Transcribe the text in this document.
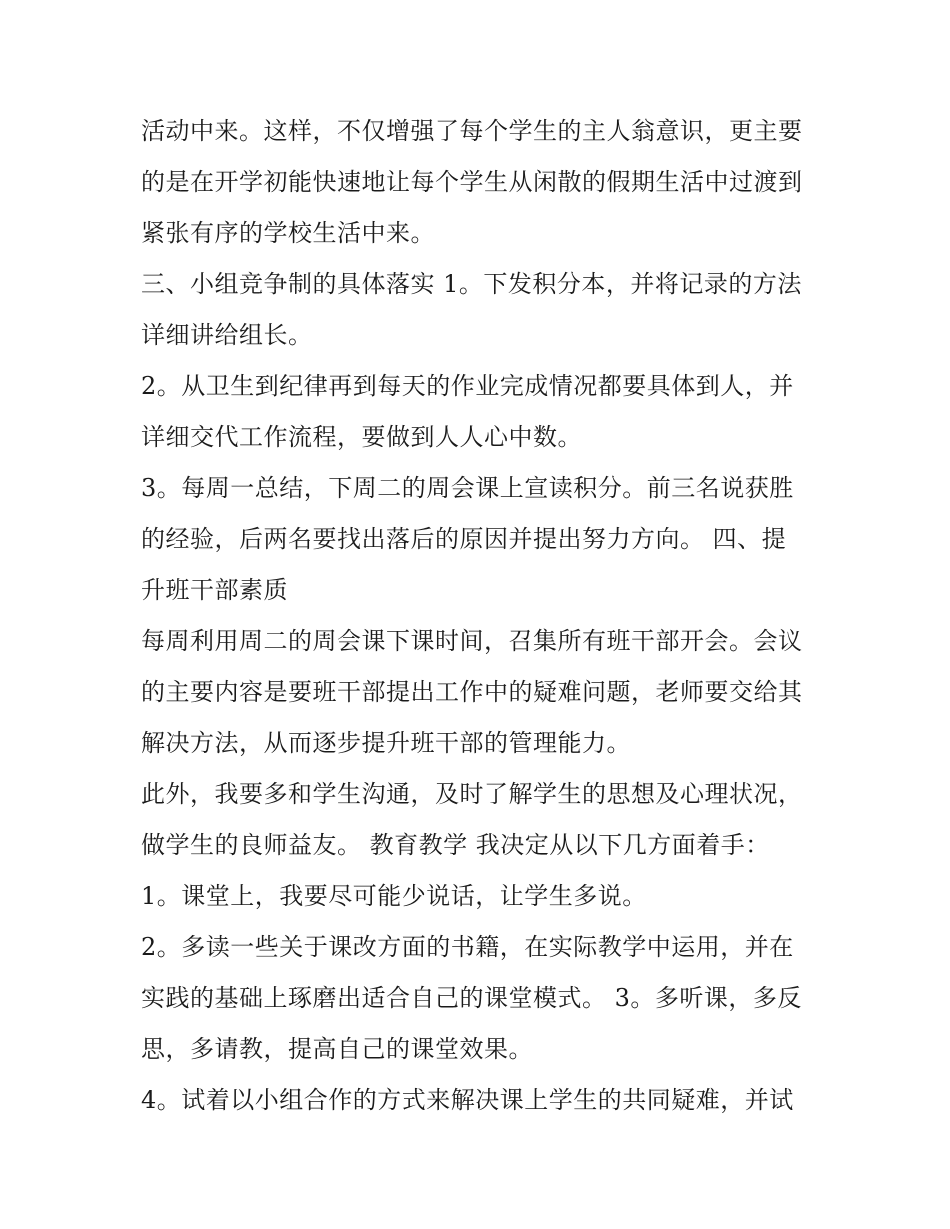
活动中来。这样，不仅增强了每个学生的主人翁意识，更主要
的是在开学初能快速地让每个学生从闲散的假期生活中过渡到
紧张有序的学校生活中来。
三、小组竞争制的具体落实 1。下发积分本，并将记录的方法
详细讲给组长。
2。从卫生到纪律再到每天的作业完成情况都要具体到人，并
详细交代工作流程，要做到人人心中数。
3。每周一总结，下周二的周会课上宣读积分。前三名说获胜
的经验，后两名要找出落后的原因并提出努力方向。 四、提
升班干部素质
每周利用周二的周会课下课时间，召集所有班干部开会。会议
的主要内容是要班干部提出工作中的疑难问题，老师要交给其
解决方法，从而逐步提升班干部的管理能力。
此外，我要多和学生沟通，及时了解学生的思想及心理状况，
做学生的良师益友。 教育教学 我决定从以下几方面着手：
1。课堂上，我要尽可能少说话，让学生多说。
2。多读一些关于课改方面的书籍，在实际教学中运用，并在
实践的基础上琢磨出适合自己的课堂模式。 3。多听课，多反
思，多请教，提高自己的课堂效果。
4。试着以小组合作的方式来解决课上学生的共同疑难，并试
